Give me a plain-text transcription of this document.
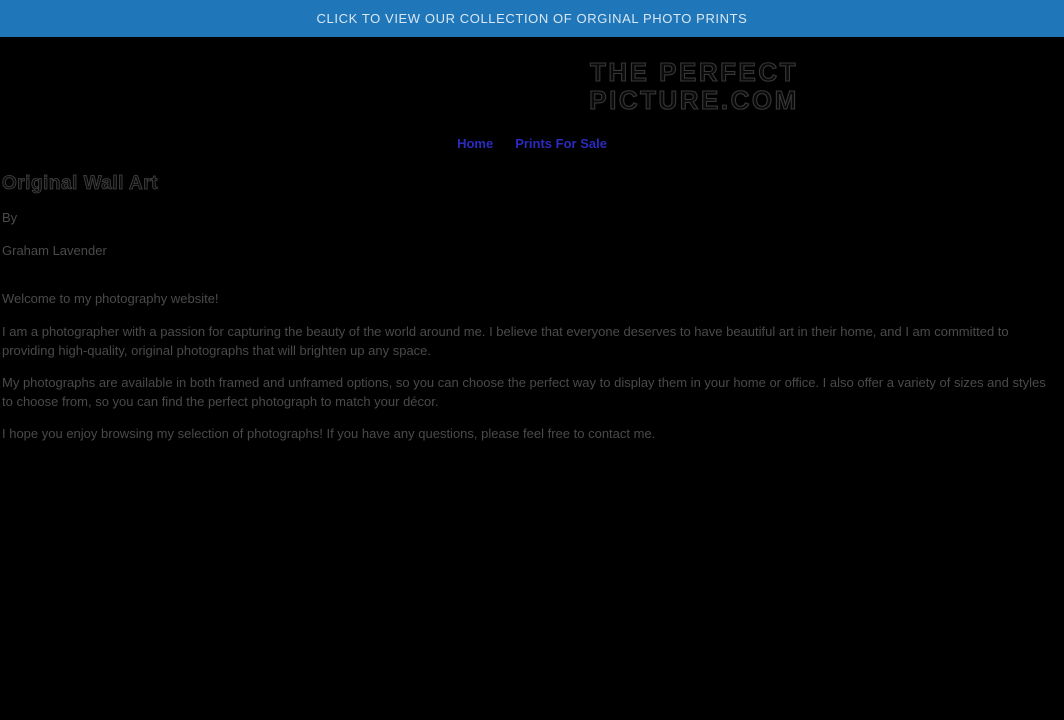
CLICK TO VIEW OUR COLLECTION OF ORGINAL PHOTO PRINTS
THE PERFECT
PICTURE.COM
Home Prints For Sale
Original Wall Art
By
Graham Lavender
Welcome to my photography website!
I am a photographer with a passion for capturing the beauty of the world around me. I believe that everyone deserves to have beautiful art in their home, and I am committed to providing high-quality, original photographs that will brighten up any space.
My photographs are available in both framed and unframed options, so you can choose the perfect way to display them in your home or office. I also offer a variety of sizes and styles to choose from, so you can find the perfect photograph to match your décor.
I hope you enjoy browsing my selection of photographs! If you have any questions, please feel free to contact me.
